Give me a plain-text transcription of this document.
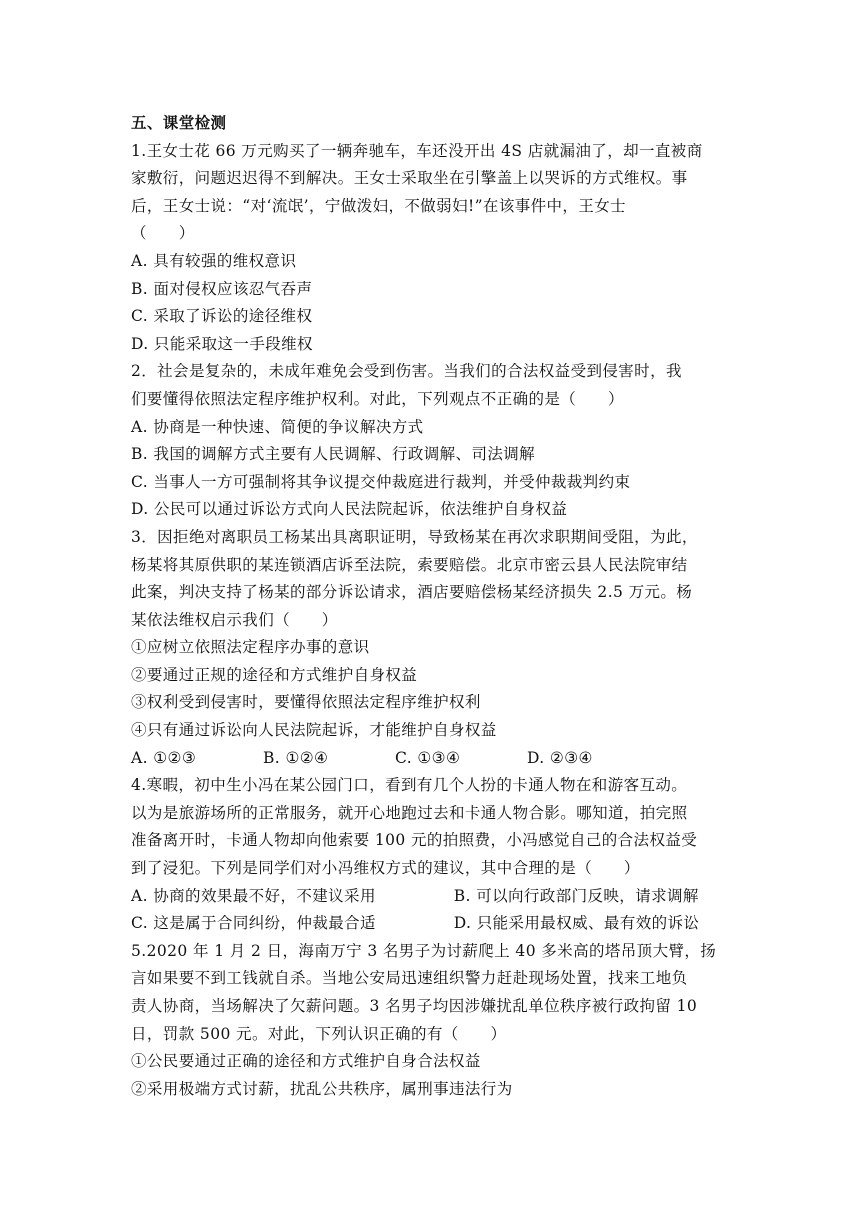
五、课堂检测
1.王女士花 66 万元购买了一辆奔驰车，车还没开出 4S 店就漏油了，却一直被商
家敷衍，问题迟迟得不到解决。王女士采取坐在引擎盖上以哭诉的方式维权。事
后，王女士说：“对‘流氓’，宁做泼妇，不做弱妇!”在该事件中，王女士
（　　）
A. 具有较强的维权意识
B. 面对侵权应该忍气吞声
C. 采取了诉讼的途径维权
D. 只能采取这一手段维权
2．社会是复杂的，未成年难免会受到伤害。当我们的合法权益受到侵害时，我
们要懂得依照法定程序维护权利。对此，下列观点不正确的是（　　）
A. 协商是一种快速、简便的争议解决方式
B. 我国的调解方式主要有人民调解、行政调解、司法调解
C. 当事人一方可强制将其争议提交仲裁庭进行裁判，并受仲裁裁判约束
D. 公民可以通过诉讼方式向人民法院起诉，依法维护自身权益
3．因拒绝对离职员工杨某出具离职证明，导致杨某在再次求职期间受阻，为此，
杨某将其原供职的某连锁酒店诉至法院，索要赔偿。北京市密云县人民法院审结
此案，判决支持了杨某的部分诉讼请求，酒店要赔偿杨某经济损失 2.5 万元。杨
某依法维权启示我们（　　）
①应树立依照法定程序办事的意识
②要通过正规的途径和方式维护自身权益
③权利受到侵害时，要懂得依照法定程序维护权利
④只有通过诉讼向人民法院起诉，才能维护自身权益
A. ①②③	B. ①②④	C. ①③④	D. ②③④
4.寒暇，初中生小冯在某公园门口，看到有几个人扮的卡通人物在和游客互动。
以为是旅游场所的正常服务，就开心地跑过去和卡通人物合影。哪知道，拍完照
准备离开时，卡通人物却向他索要 100 元的拍照费，小冯感觉自己的合法权益受
到了浸犯。下列是同学们对小冯维权方式的建议，其中合理的是（　　）
A. 协商的效果最不好，不建议采用	B. 可以向行政部门反映，请求调解
C. 这是属于合同纠纷，仲裁最合适	D. 只能采用最权威、最有效的诉讼
5.2020 年 1 月 2 日，海南万宁 3 名男子为讨薪爬上 40 多米高的塔吊顶大臂，扬
言如果要不到工钱就自杀。当地公安局迅速组织警力赶赴现场处置，找来工地负
责人协商，当场解决了欠薪问题。3 名男子均因涉嫌扰乱单位秩序被行政拘留 10
日，罚款 500 元。对此，下列认识正确的有（　　）
①公民要通过正确的途径和方式维护自身合法权益
②采用极端方式讨薪，扰乱公共秩序，属刑事违法行为
